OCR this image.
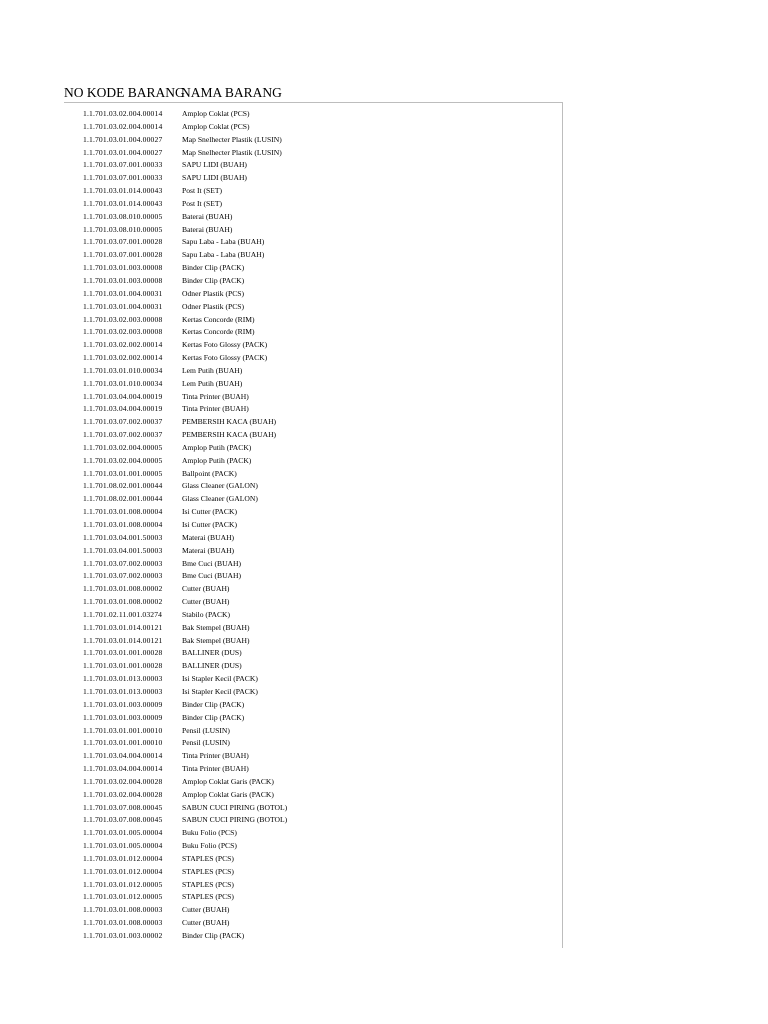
NO KODE BARANG
NAMA BARANG
1.1.701.03.02.004.00014	Amplop Coklat (PCS)
1.1.701.03.02.004.00014	Amplop Coklat (PCS)
1.1.701.03.01.004.00027	Map Snelhecter Plastik (LUSIN)
1.1.701.03.01.004.00027	Map Snelhecter Plastik (LUSIN)
1.1.701.03.07.001.00033	SAPU LIDI (BUAH)
1.1.701.03.07.001.00033	SAPU LIDI (BUAH)
1.1.701.03.01.014.00043	Post It (SET)
1.1.701.03.01.014.00043	Post It (SET)
1.1.701.03.08.010.00005	Baterai (BUAH)
1.1.701.03.08.010.00005	Baterai (BUAH)
1.1.701.03.07.001.00028	Sapu Laba - Laba (BUAH)
1.1.701.03.07.001.00028	Sapu Laba - Laba (BUAH)
1.1.701.03.01.003.00008	Binder Clip (PACK)
1.1.701.03.01.003.00008	Binder Clip (PACK)
1.1.701.03.01.004.00031	Odner Plastik (PCS)
1.1.701.03.01.004.00031	Odner Plastik (PCS)
1.1.701.03.02.003.00008	Kertas Concorde (RIM)
1.1.701.03.02.003.00008	Kertas Concorde (RIM)
1.1.701.03.02.002.00014	Kertas Foto Glossy (PACK)
1.1.701.03.02.002.00014	Kertas Foto Glossy (PACK)
1.1.701.03.01.010.00034	Lem Putih (BUAH)
1.1.701.03.01.010.00034	Lem Putih (BUAH)
1.1.701.03.04.004.00019	Tinta Printer (BUAH)
1.1.701.03.04.004.00019	Tinta Printer (BUAH)
1.1.701.03.07.002.00037	PEMBERSIH KACA (BUAH)
1.1.701.03.07.002.00037	PEMBERSIH KACA (BUAH)
1.1.701.03.02.004.00005	Amplop Putih (PACK)
1.1.701.03.02.004.00005	Amplop Putih (PACK)
1.1.701.03.01.001.00005	Ballpoint (PACK)
1.1.701.08.02.001.00044	Glass Cleaner (GALON)
1.1.701.08.02.001.00044	Glass Cleaner (GALON)
1.1.701.03.01.008.00004	Isi Cutter (PACK)
1.1.701.03.01.008.00004	Isi Cutter (PACK)
1.1.701.03.04.001.50003	Materai (BUAH)
1.1.701.03.04.001.50003	Materai (BUAH)
1.1.701.03.07.002.00003	Bme Cuci (BUAH)
1.1.701.03.07.002.00003	Bme Cuci (BUAH)
1.1.701.03.01.008.00002	Cutter (BUAH)
1.1.701.03.01.008.00002	Cutter (BUAH)
1.1.701.02.11.001.03274	Stabilo (PACK)
1.1.701.03.01.014.00121	Bak Stempel (BUAH)
1.1.701.03.01.014.00121	Bak Stempel (BUAH)
1.1.701.03.01.001.00028	BALLINER (DUS)
1.1.701.03.01.001.00028	BALLINER (DUS)
1.1.701.03.01.013.00003	Isi Stapler Kecil (PACK)
1.1.701.03.01.013.00003	Isi Stapler Kecil (PACK)
1.1.701.03.01.003.00009	Binder Clip (PACK)
1.1.701.03.01.003.00009	Binder Clip (PACK)
1.1.701.03.01.001.00010	Pensil (LUSIN)
1.1.701.03.01.001.00010	Pensil (LUSIN)
1.1.701.03.04.004.00014	Tinta Printer (BUAH)
1.1.701.03.04.004.00014	Tinta Printer (BUAH)
1.1.701.03.02.004.00028	Amplop Coklat Garis (PACK)
1.1.701.03.02.004.00028	Amplop Coklat Garis (PACK)
1.1.701.03.07.008.00045	SABUN CUCI PIRING (BOTOL)
1.1.701.03.07.008.00045	SABUN CUCI PIRING (BOTOL)
1.1.701.03.01.005.00004	Buku Folio (PCS)
1.1.701.03.01.005.00004	Buku Folio (PCS)
1.1.701.03.01.012.00004	STAPLES (PCS)
1.1.701.03.01.012.00004	STAPLES (PCS)
1.1.701.03.01.012.00005	STAPLES (PCS)
1.1.701.03.01.012.00005	STAPLES (PCS)
1.1.701.03.01.008.00003	Cutter (BUAH)
1.1.701.03.01.008.00003	Cutter (BUAH)
1.1.701.03.01.003.00002	Binder Clip (PACK)
